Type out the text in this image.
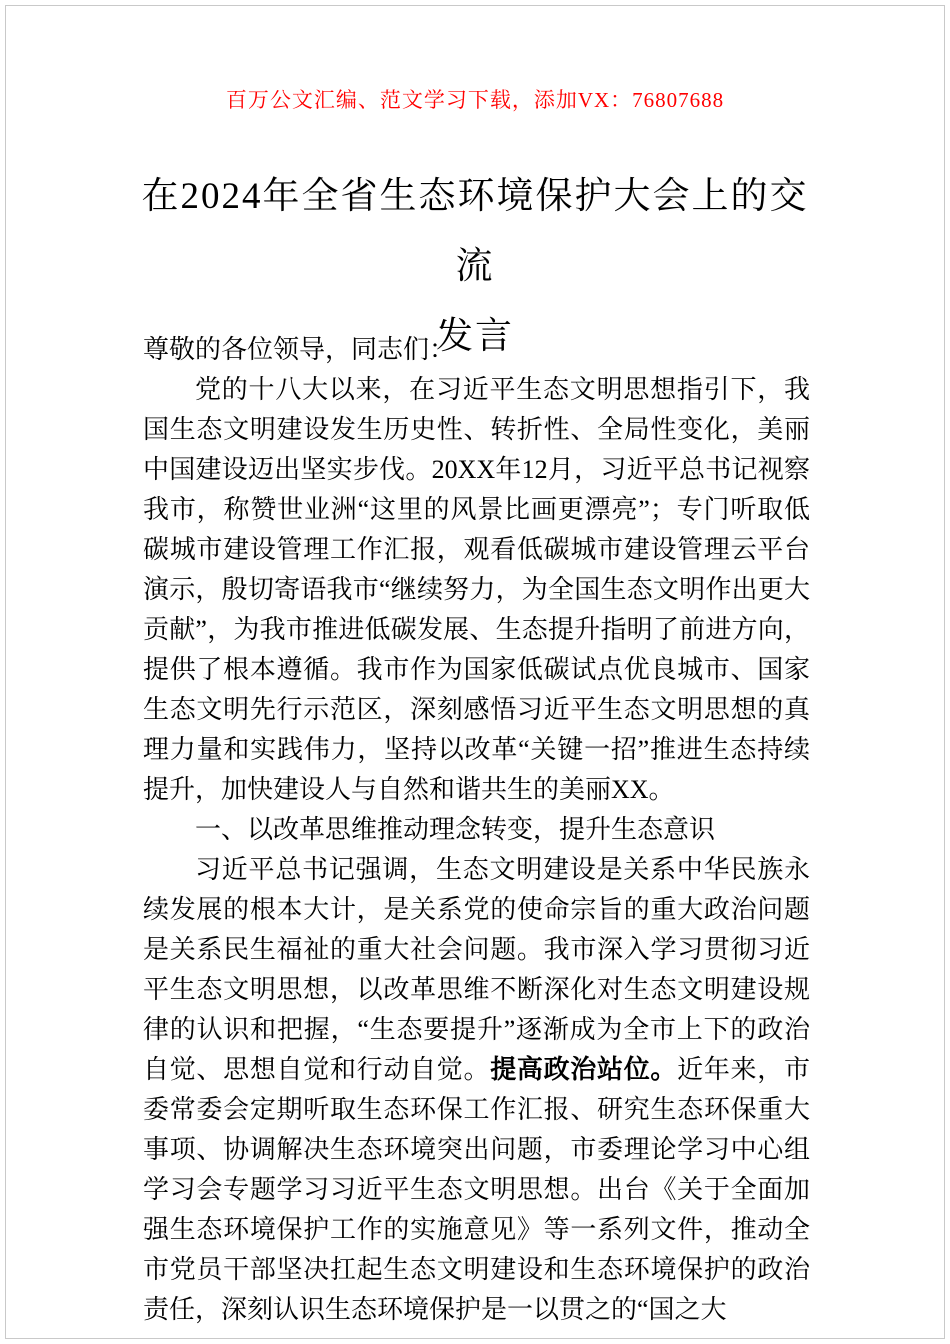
百万公文汇编、范文学习下载，添加VX：76807688
在2024年全省生态环境保护大会上的交流
发言

尊敬的各位领导，同志们：

党的十八大以来，在习近平生态文明思想指引下，我国生态文明建设发生历史性、转折性、全局性变化，美丽中国建设迈出坚实步伐。20XX年12月，习近平总书记视察我市，称赞世业洲“这里的风景比画更漂亮”；专门听取低碳城市建设管理工作汇报，观看低碳城市建设管理云平台演示，殷切寄语我市“继续努力，为全国生态文明作出更大贡献”，为我市推进低碳发展、生态提升指明了前进方向，提供了根本遵循。我市作为国家低碳试点优良城市、国家生态文明先行示范区，深刻感悟习近平生态文明思想的真理力量和实践伟力，坚持以改革“关键一招”推进生态持续提升，加快建设人与自然和谐共生的美丽XX。

一、以改革思维推动理念转变，提升生态意识

习近平总书记强调，生态文明建设是关系中华民族永续发展的根本大计，是关系党的使命宗旨的重大政治问题是关系民生福祉的重大社会问题。我市深入学习贯彻习近平生态文明思想，以改革思维不断深化对生态文明建设规律的认识和把握，“生态要提升”逐渐成为全市上下的政治自觉、思想自觉和行动自觉。提高政治站位。近年来，市委常委会定期听取生态环保工作汇报、研究生态环保重大事项、协调解决生态环境突出问题，市委理论学习中心组学习会专题学习习近平生态文明思想。出台《关于全面加强生态环境保护工作的实施意见》等一系列文件，推动全市党员干部坚决扛起生态文明建设和生态环境保护的政治责任，深刻认识生态环境保护是一以贯之的“国之大
